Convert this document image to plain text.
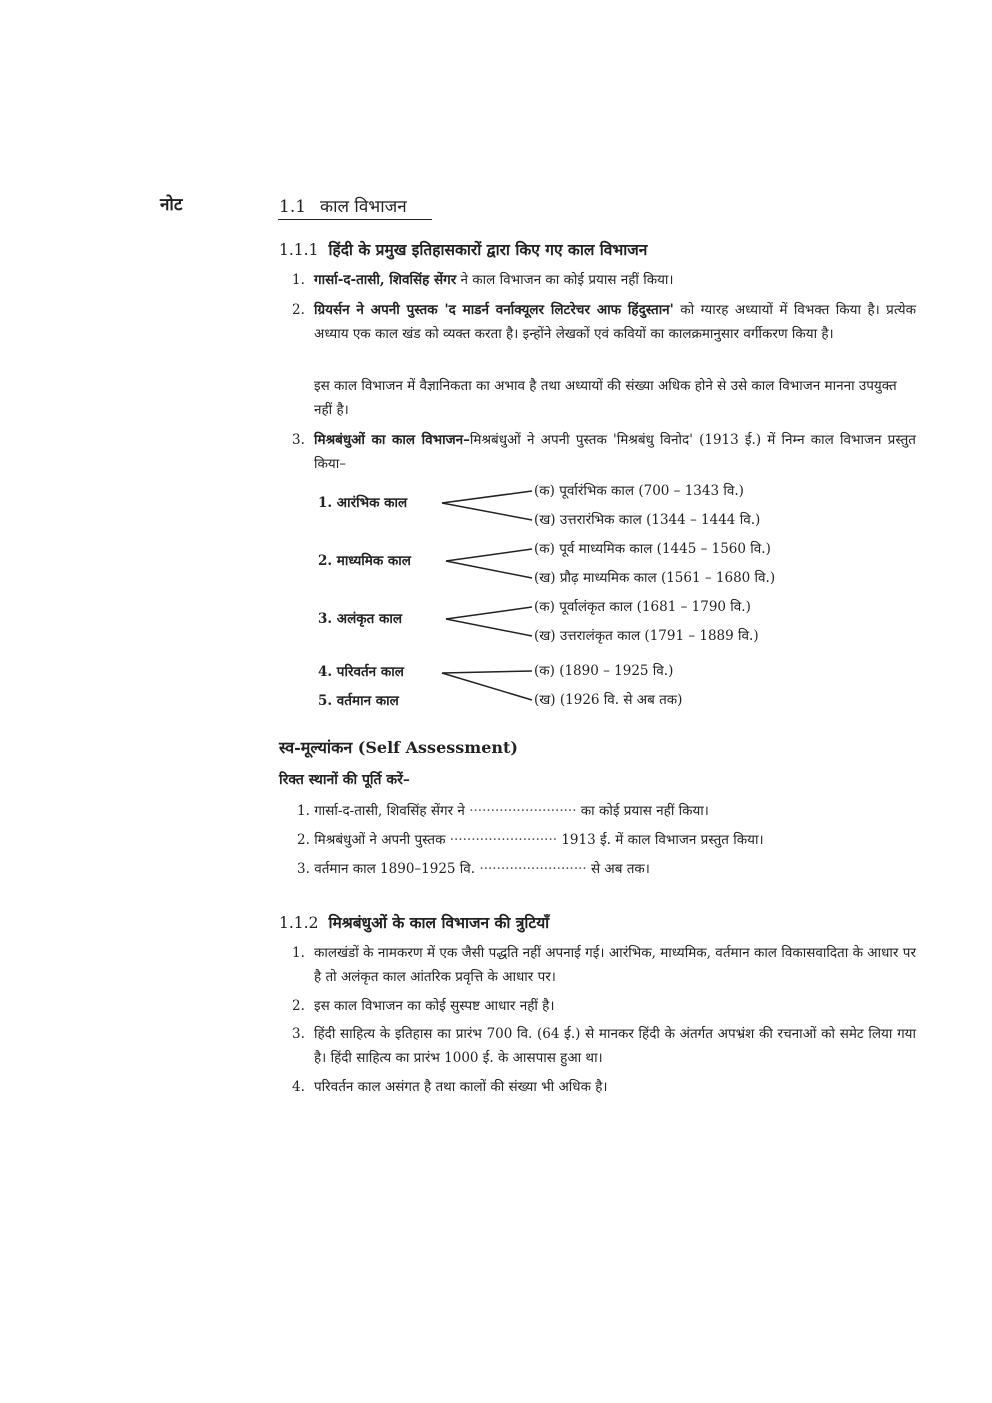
नोट	1.1 काल विभाजन
1.1.1 हिंदी के प्रमुख इतिहासकारों द्वारा किए गए काल विभाजन
1. गार्सा-द-तासी, शिवसिंह सेंगर ने काल विभाजन का कोई प्रयास नहीं किया।
2. ग्रियर्सन ने अपनी पुस्तक 'द माडर्न वर्नाक्यूलर लिटरेचर आफ हिंदुस्तान' को ग्यारह अध्यायों में विभक्त किया है। प्रत्येक अध्याय एक काल खंड को व्यक्त करता है। इन्होंने लेखकों एवं कवियों का कालक्रमानुसार वर्गीकरण किया है।
इस काल विभाजन में वैज्ञानिकता का अभाव है तथा अध्यायों की संख्या अधिक होने से उसे काल विभाजन मानना उपयुक्त नहीं है।
3. मिश्रबंधुओं का काल विभाजन–मिश्रबंधुओं ने अपनी पुस्तक 'मिश्रबंधु विनोद' (1913 ई.) में निम्न काल विभाजन प्रस्तुत किया–
1. आरंभिक काल
(क) पूर्वारंभिक काल (700 – 1343 वि.)
(ख) उत्तरारंभिक काल (1344 – 1444 वि.)
2. माध्यमिक काल
(क) पूर्व माध्यमिक काल (1445 – 1560 वि.)
(ख) प्रौढ़ माध्यमिक काल (1561 – 1680 वि.)
3. अलंकृत काल
(क) पूर्वालंकृत काल (1681 – 1790 वि.)
(ख) उत्तरालंकृत काल (1791 – 1889 वि.)
4. परिवर्तन काल	(क) (1890 – 1925 वि.)
5. वर्तमान काल	(ख) (1926 वि. से अब तक)
स्व-मूल्यांकन (Self Assessment)
रिक्त स्थानों की पूर्ति करें–
1. गार्सा-द-तासी, शिवसिंह सेंगर ने ························· का कोई प्रयास नहीं किया।
2. मिश्रबंधुओं ने अपनी पुस्तक ························· 1913 ई. में काल विभाजन प्रस्तुत किया।
3. वर्तमान काल 1890–1925 वि. ························· से अब तक।
1.1.2 मिश्रबंधुओं के काल विभाजन की त्रुटियाँ
1. कालखंडों के नामकरण में एक जैसी पद्धति नहीं अपनाई गई। आरंभिक, माध्यमिक, वर्तमान काल विकासवादिता के आधार पर है तो अलंकृत काल आंतरिक प्रवृत्ति के आधार पर।
2. इस काल विभाजन का कोई सुस्पष्ट आधार नहीं है।
3. हिंदी साहित्य के इतिहास का प्रारंभ 700 वि. (64 ई.) से मानकर हिंदी के अंतर्गत अपभ्रंश की रचनाओं को समेट लिया गया है। हिंदी साहित्य का प्रारंभ 1000 ई. के आसपास हुआ था।
4. परिवर्तन काल असंगत है तथा कालों की संख्या भी अधिक है।
